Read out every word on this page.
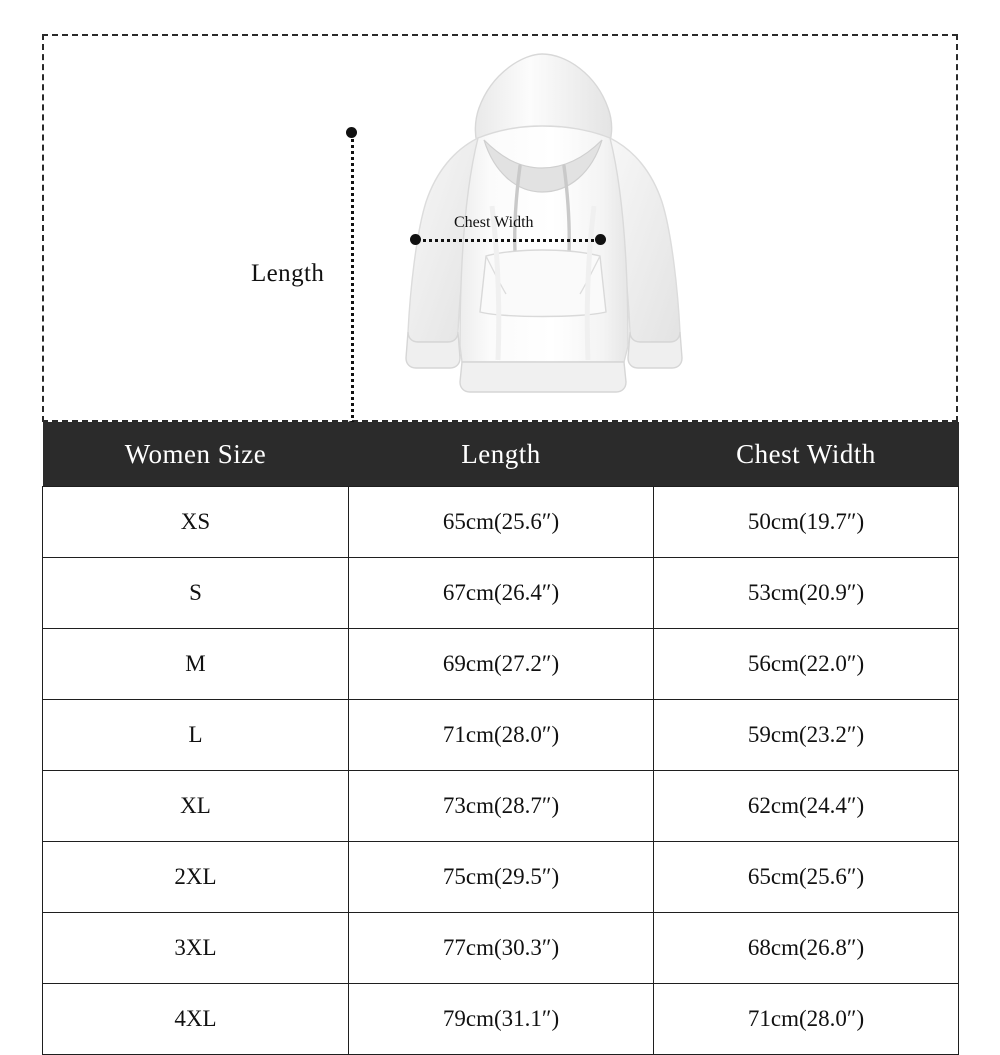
Length
Chest Width
Women Size	Length	Chest Width
XS	65cm(25.6″)	50cm(19.7″)
S	67cm(26.4″)	53cm(20.9″)
M	69cm(27.2″)	56cm(22.0″)
L	71cm(28.0″)	59cm(23.2″)
XL	73cm(28.7″)	62cm(24.4″)
2XL	75cm(29.5″)	65cm(25.6″)
3XL	77cm(30.3″)	68cm(26.8″)
4XL	79cm(31.1″)	71cm(28.0″)
